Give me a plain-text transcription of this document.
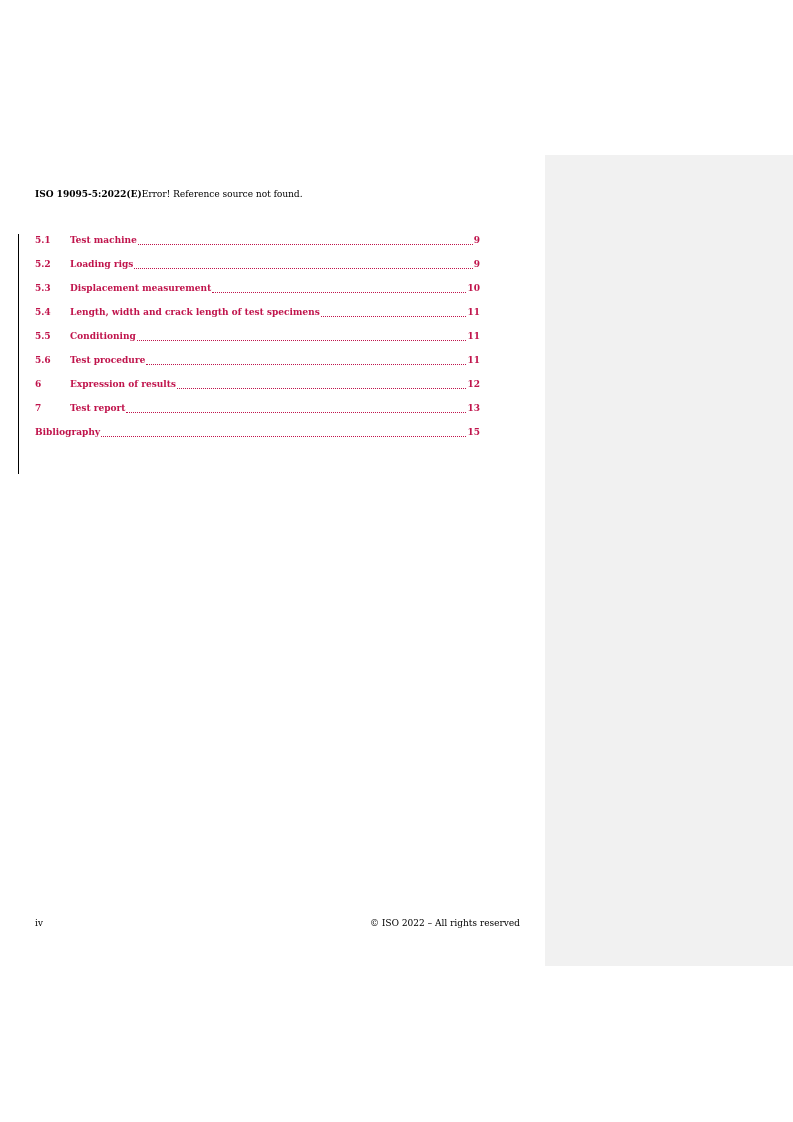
ISO 19095-5:2022(E)Error! Reference source not found.
5.1 Test machine	9
5.2 Loading rigs	9
5.3 Displacement measurement	10
5.4 Length, width and crack length of test specimens	11
5.5 Conditioning	11
5.6 Test procedure	11
6	Expression of results	12
7	Test report	13
Bibliography	15
iv	© ISO 2022 – All rights reserved
